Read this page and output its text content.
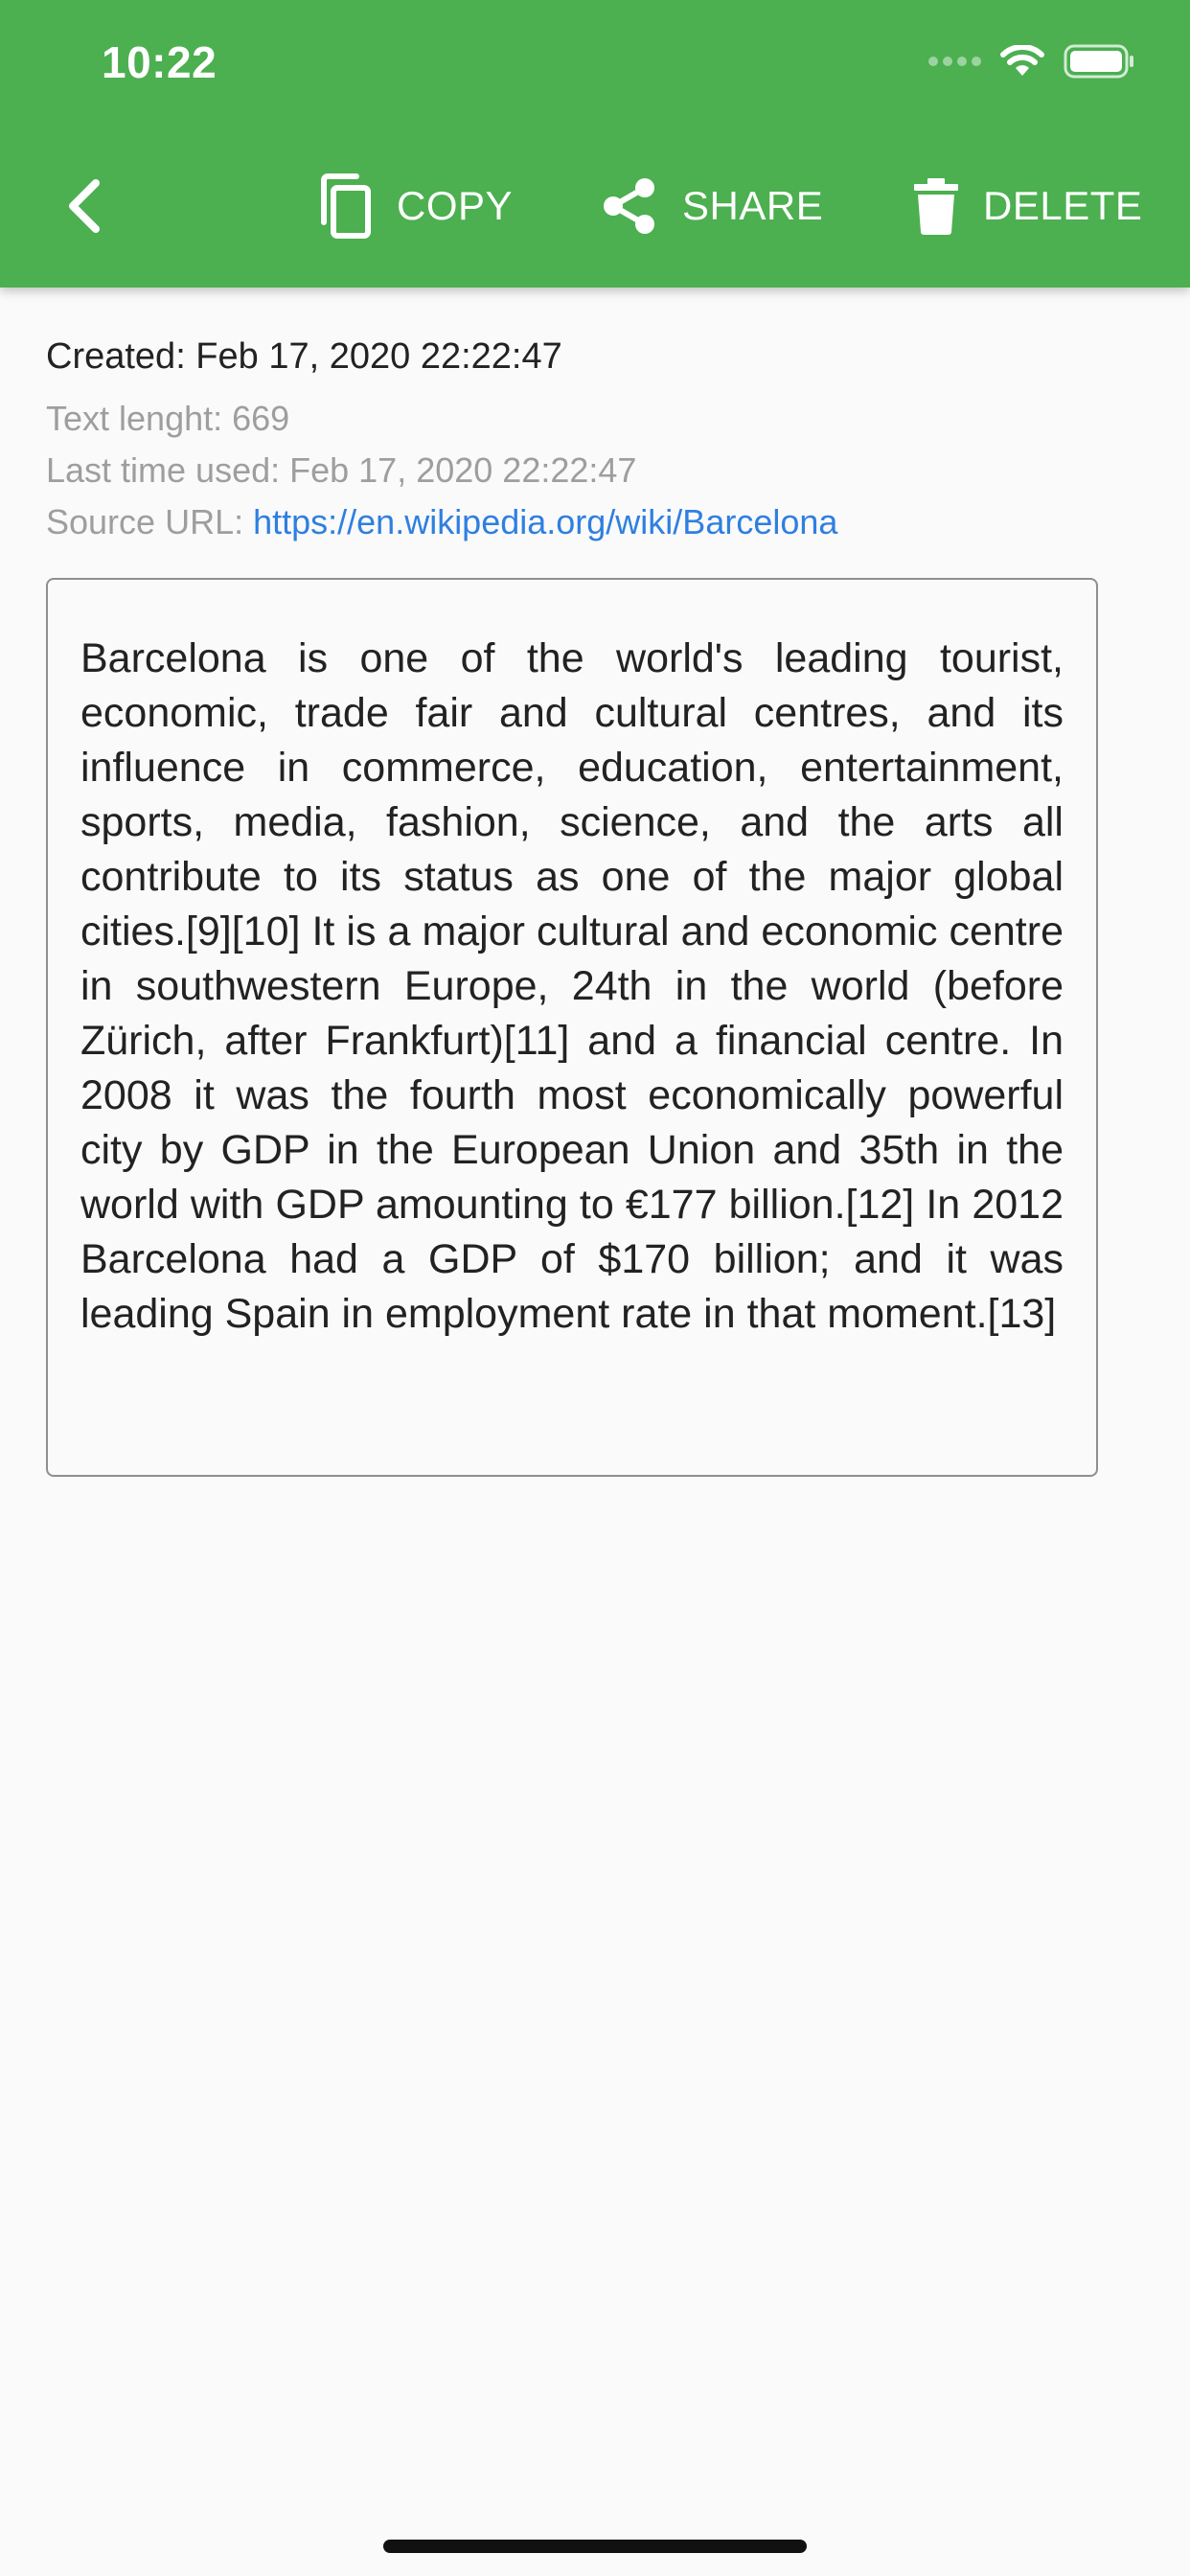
10:22
COPY	SHARE	DELETE
Created: Feb 17, 2020 22:22:47
Text lenght: 669
Last time used: Feb 17, 2020 22:22:47
Source URL: https://en.wikipedia.org/wiki/Barcelona

Barcelona is one of the world's leading tourist, economic, trade fair and cultural centres, and its influence in commerce, education, entertainment, sports, media, fashion, science, and the arts all contribute to its status as one of the major global cities.[9][10] It is a major cultural and economic centre in southwestern Europe, 24th in the world (before Zürich, after Frankfurt)[11] and a financial centre. In 2008 it was the fourth most economically powerful city by GDP in the European Union and 35th in the world with GDP amounting to €177 billion.[12] In 2012 Barcelona had a GDP of $170 billion; and it was leading Spain in employment rate in that moment.[13]
